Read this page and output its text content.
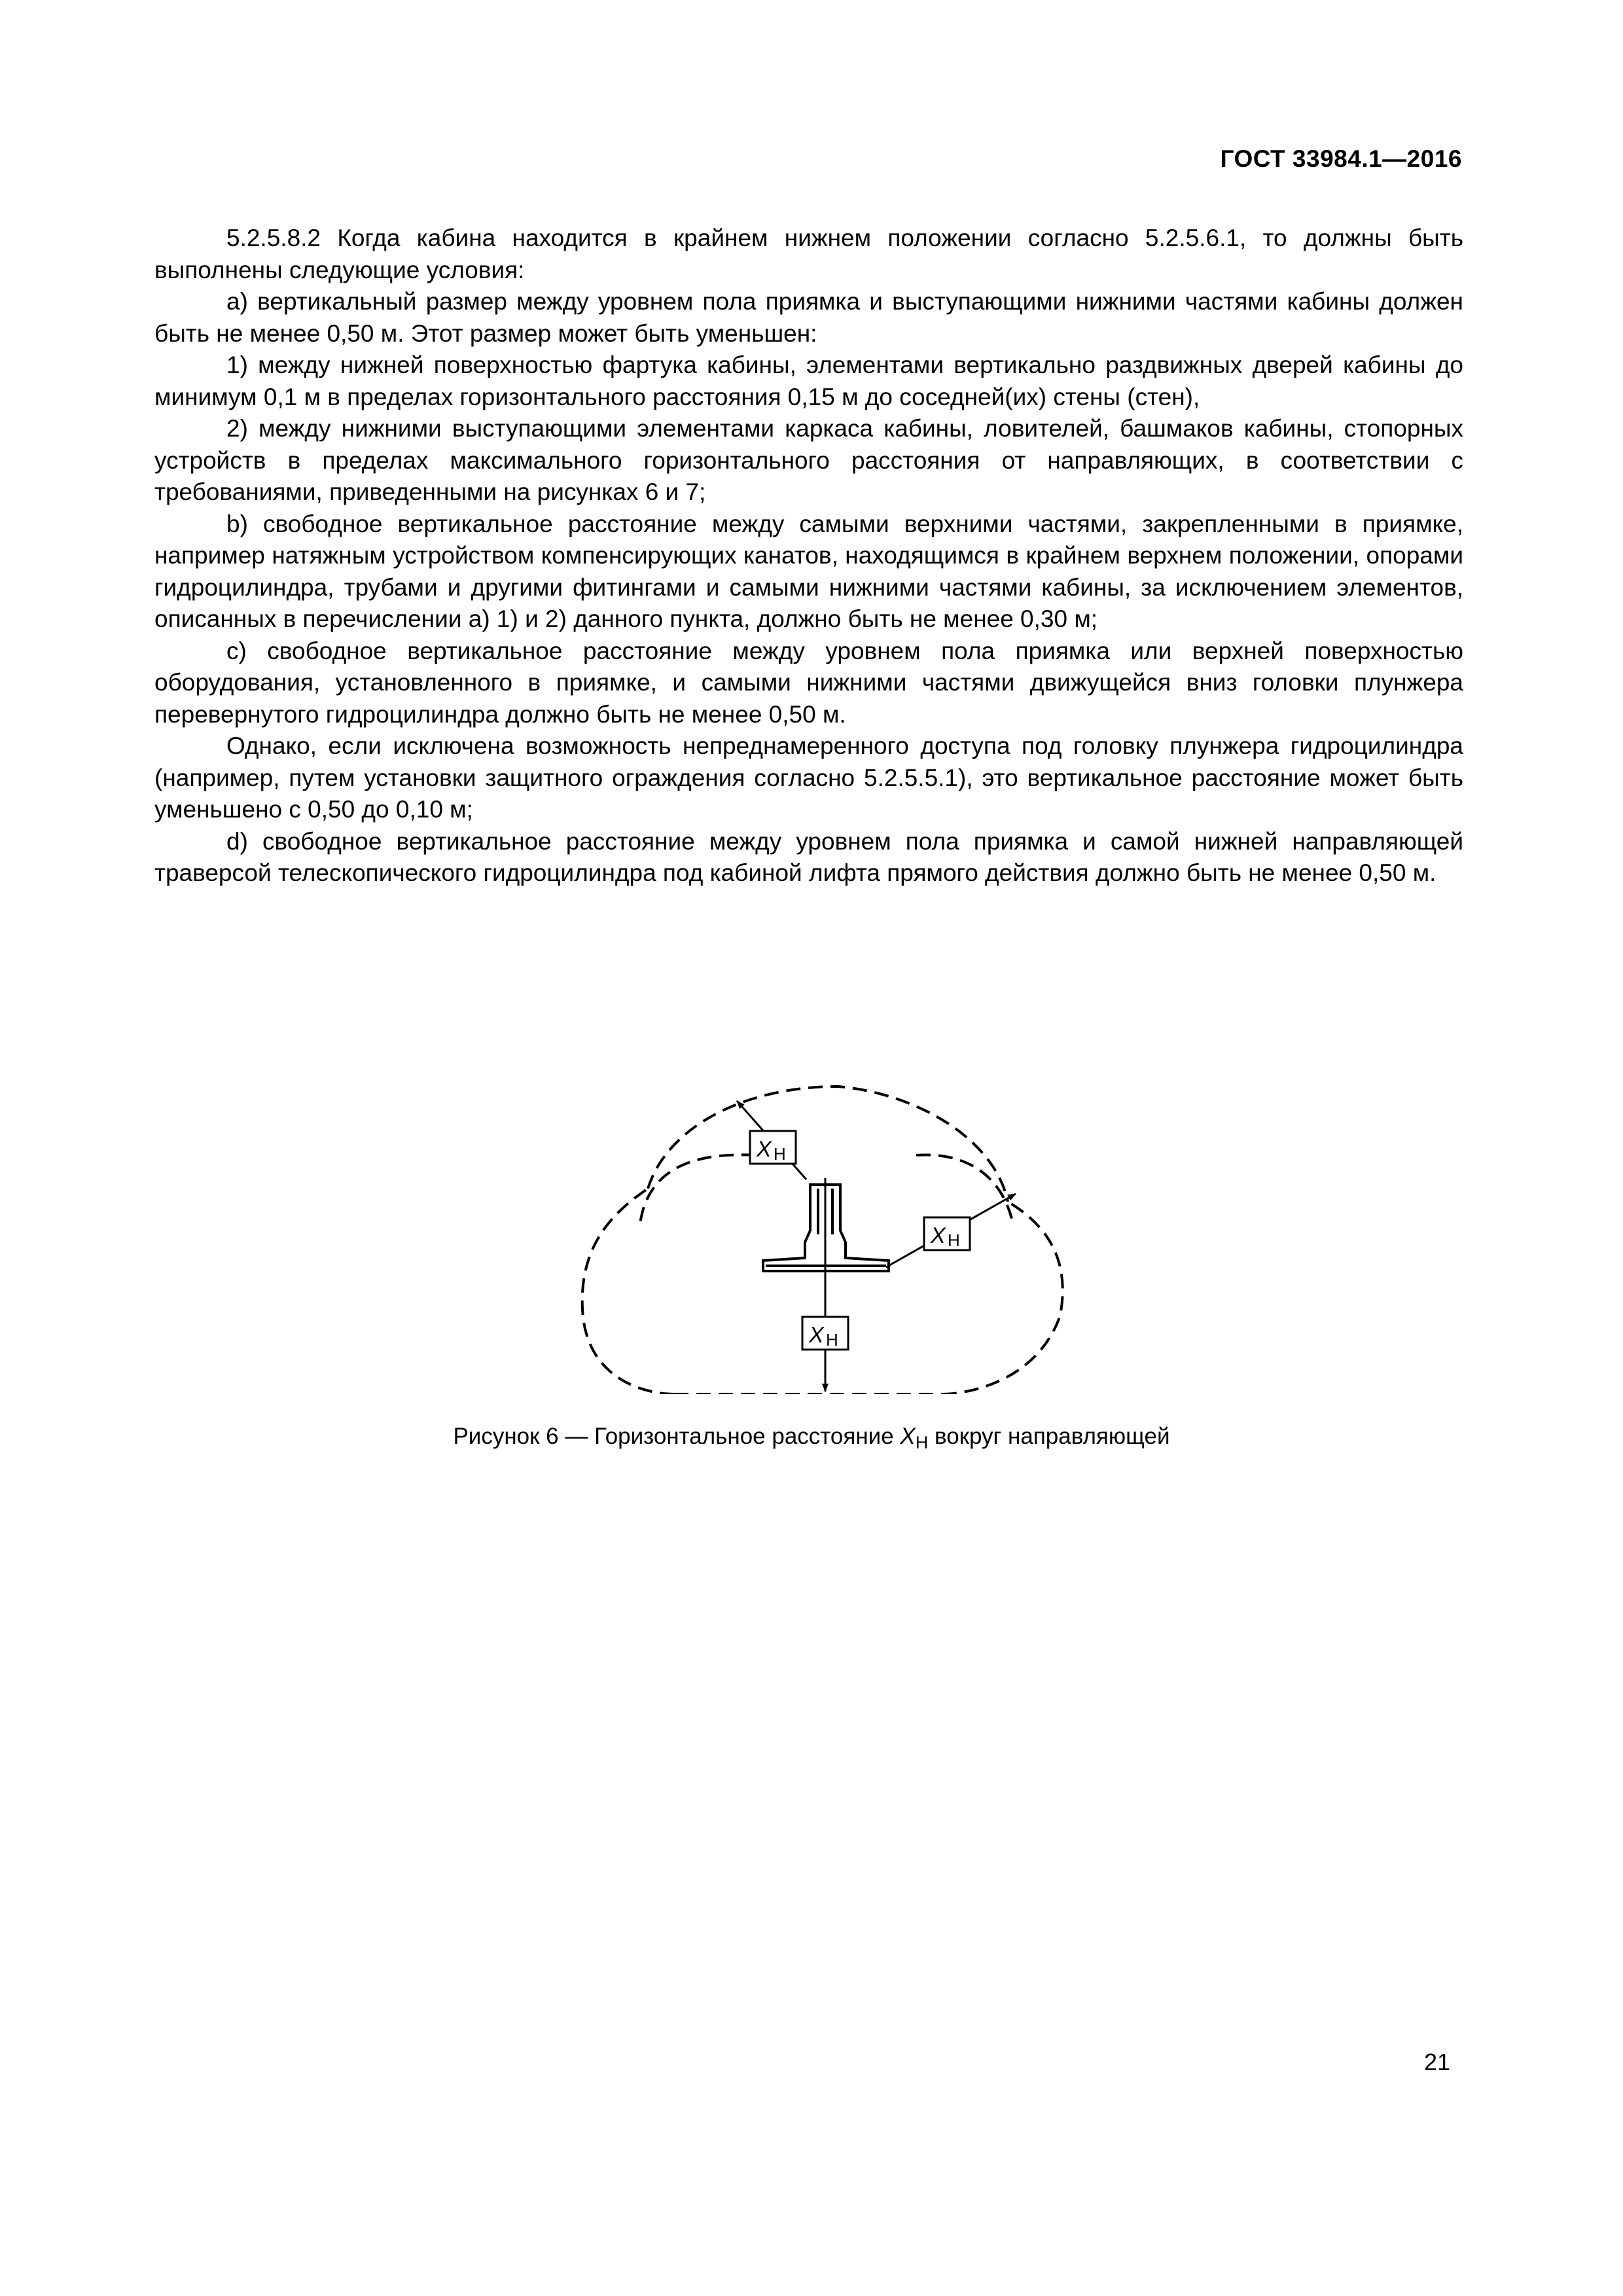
ГОСТ 33984.1—2016

5.2.5.8.2 Когда кабина находится в крайнем нижнем положении согласно 5.2.5.6.1, то должны быть выполнены следующие условия:

a) вертикальный размер между уровнем пола приямка и выступающими нижними частями кабины должен быть не менее 0,50 м. Этот размер может быть уменьшен:

1) между нижней поверхностью фартука кабины, элементами вертикально раздвижных дверей кабины до минимум 0,1 м в пределах горизонтального расстояния 0,15 м до соседней(их) стены (стен),

2) между нижними выступающими элементами каркаса кабины, ловителей, башмаков кабины, стопорных устройств в пределах максимального горизонтального расстояния от направляющих, в соответствии с требованиями, приведенными на рисунках 6 и 7;

b) свободное вертикальное расстояние между самыми верхними частями, закрепленными в приямке, например натяжным устройством компенсирующих канатов, находящимся в крайнем верхнем положении, опорами гидроцилиндра, трубами и другими фитингами и самыми нижними частями кабины, за исключением элементов, описанных в перечислении а) 1) и 2) данного пункта, должно быть не менее 0,30 м;

c) свободное вертикальное расстояние между уровнем пола приямка или верхней поверхностью оборудования, установленного в приямке, и самыми нижними частями движущейся вниз головки плунжера перевернутого гидроцилиндра должно быть не менее 0,50 м.

Однако, если исключена возможность непреднамеренного доступа под головку плунжера гидроцилиндра (например, путем установки защитного ограждения согласно 5.2.5.5.1), это вертикальное расстояние может быть уменьшено с 0,50 до 0,10 м;

d) свободное вертикальное расстояние между уровнем пола приямка и самой нижней направляющей траверсой телескопического гидроцилиндра под кабиной лифта прямого действия должно быть не менее 0,50 м.

X H
X H
X H
Рисунок 6 — Горизонтальное расстояние $X_H$ вокруг направляющей
21
